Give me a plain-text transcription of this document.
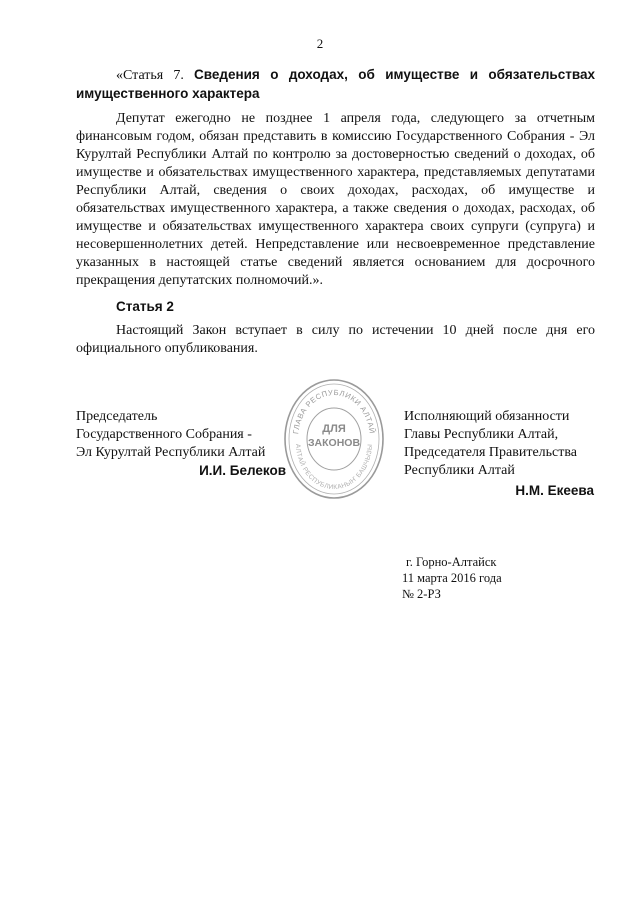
2

«Статья 7. Сведения о доходах, об имуществе и обязательствах

имущественного характера

Депутат ежегодно не позднее 1 апреля года, следующего за отчетным финансовым годом, обязан представить в комиссию Государственного Собрания - Эл Курултай Республики Алтай по контролю за достоверностью сведений о доходах, об имуществе и обязательствах имущественного характера, представляемых депутатами Республики Алтай, сведения о своих доходах, расходах, об имуществе и обязательствах имущественного характера, а также сведения о доходах, расходах, об имуществе и обязательствах имущественного характера своих супруги (супруга) и несовершеннолетних детей. Непредставление или несвоевременное представление указанных в настоящей статье сведений является основанием для досрочного прекращения депутатских полномочий.».

Статья 2

Настоящий Закон вступает в силу по истечении 10 дней после дня его официального опубликования.

Председатель
Государственного Собрания -
Эл Курултай Республики Алтай
И.И. Белеков
ГЛАВА РЕСПУБЛИКИ АЛТАЙ
АЛТАЙ РЕСПУБЛИКАНЫҤ БАШЧЫЗЫ
ДЛЯ
ЗАКОНОВ
Исполняющий обязанности
Главы Республики Алтай,
Председателя Правительства
Республики Алтай
Н.М. Екеева
г. Горно-Алтайск
11 марта 2016 года
№ 2-РЗ
